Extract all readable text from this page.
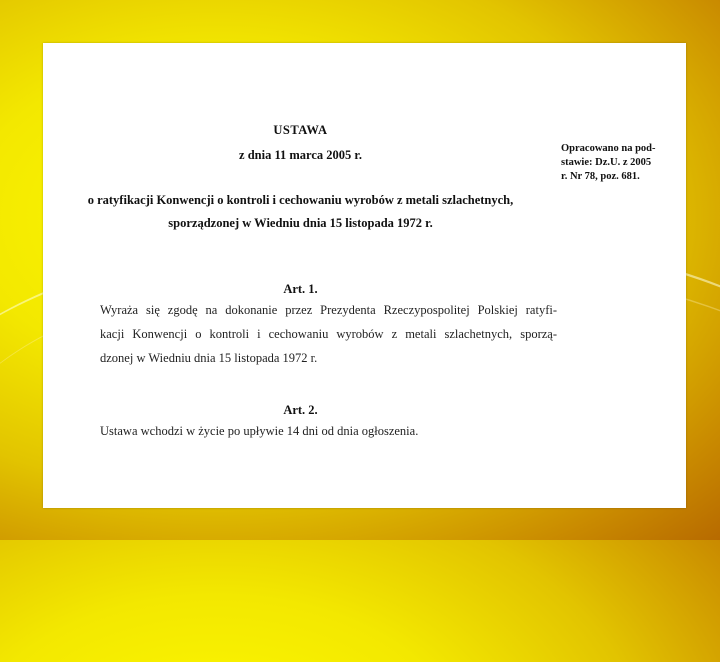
USTAWA
z dnia 11 marca 2005 r.
o ratyfikacji Konwencji o kontroli i cechowaniu wyrobów z metali szlachetnych,
sporządzonej w Wiedniu dnia 15 listopada 1972 r.
Opracowano na pod-
stawie: Dz.U. z 2005
r. Nr 78, poz. 681.
Art. 1.
Wyraża się zgodę na dokonanie przez Prezydenta Rzeczypospolitej Polskiej ratyfi-
kacji Konwencji o kontroli i cechowaniu wyrobów z metali szlachetnych, sporzą-
dzonej w Wiedniu dnia 15 listopada 1972 r.
Art. 2.
Ustawa wchodzi w życie po upływie 14 dni od dnia ogłoszenia.
